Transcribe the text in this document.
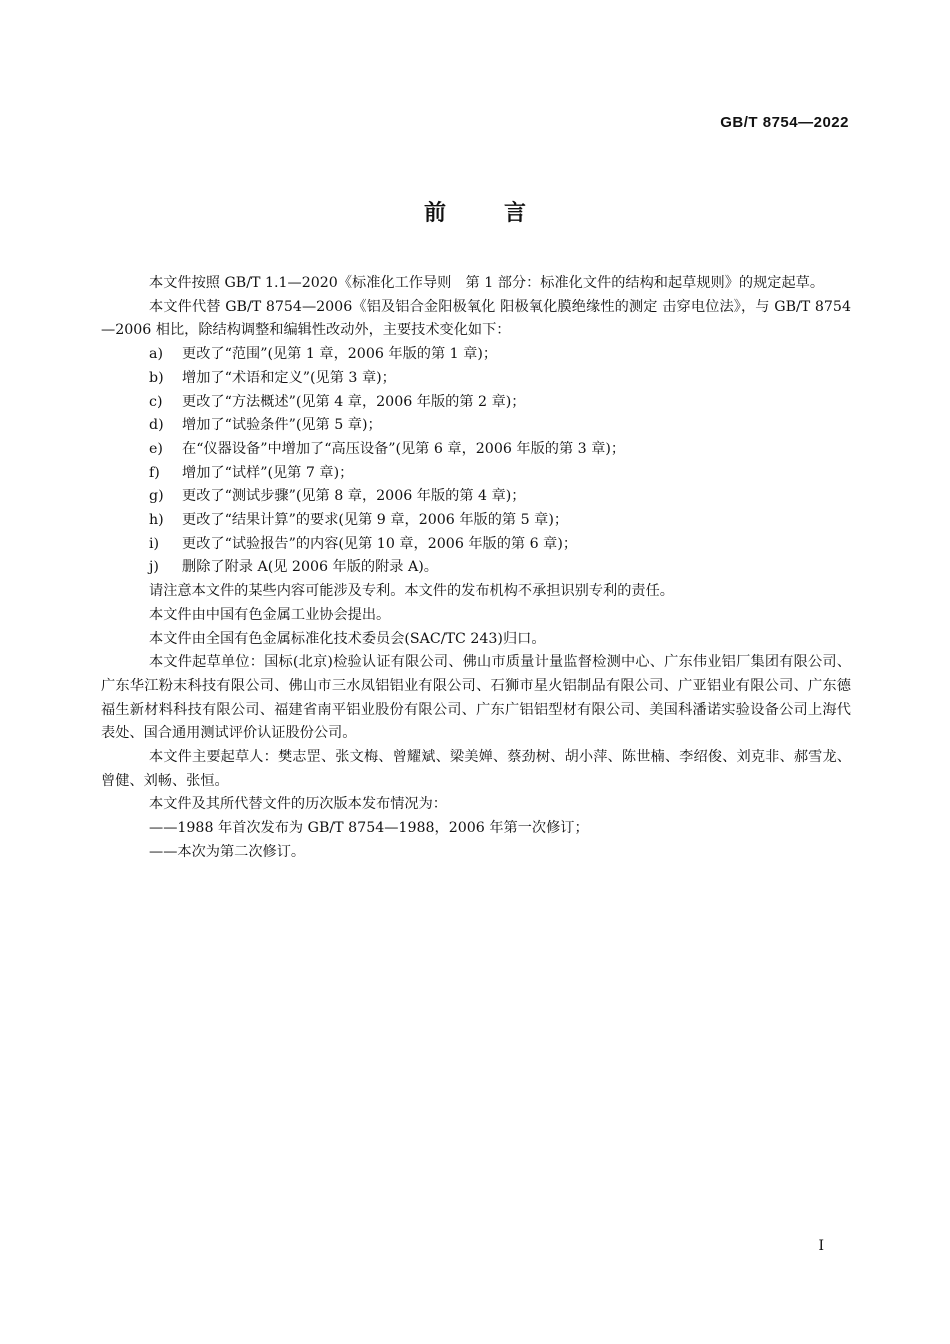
GB/T 8754—2022
前言

本文件按照 GB/T 1.1—2020《标准化工作导则　第 1 部分：标准化文件的结构和起草规则》的规定起草。

本文件代替 GB/T 8754—2006《铝及铝合金阳极氧化 阳极氧化膜绝缘性的测定 击穿电位法》，与 GB/T 8754—2006 相比，除结构调整和编辑性改动外，主要技术变化如下：

a) 更改了“范围”(见第 1 章，2006 年版的第 1 章)；
b) 增加了“术语和定义”(见第 3 章)；
c) 更改了“方法概述”(见第 4 章，2006 年版的第 2 章)；
d) 增加了“试验条件”(见第 5 章)；
e) 在“仪器设备”中增加了“高压设备”(见第 6 章，2006 年版的第 3 章)；
f) 增加了“试样”(见第 7 章)；
g) 更改了“测试步骤”(见第 8 章，2006 年版的第 4 章)；
h) 更改了“结果计算”的要求(见第 9 章，2006 年版的第 5 章)；
i) 更改了“试验报告”的内容(见第 10 章，2006 年版的第 6 章)；
j) 删除了附录 A(见 2006 年版的附录 A)。

请注意本文件的某些内容可能涉及专利。本文件的发布机构不承担识别专利的责任。

本文件由中国有色金属工业协会提出。

本文件由全国有色金属标准化技术委员会(SAC/TC 243)归口。

本文件起草单位：国标(北京)检验认证有限公司、佛山市质量计量监督检测中心、广东伟业铝厂集团有限公司、广东华江粉末科技有限公司、佛山市三水凤铝铝业有限公司、石狮市星火铝制品有限公司、广亚铝业有限公司、广东德福生新材料科技有限公司、福建省南平铝业股份有限公司、广东广铝铝型材有限公司、美国科潘诺实验设备公司上海代表处、国合通用测试评价认证股份公司。

本文件主要起草人：樊志罡、张文梅、曾耀斌、梁美婵、蔡劲树、胡小萍、陈世楠、李绍俊、刘克非、郝雪龙、曾健、刘畅、张恒。

本文件及其所代替文件的历次版本发布情况为：

——1988 年首次发布为 GB/T 8754—1988，2006 年第一次修订；

——本次为第二次修订。

I
